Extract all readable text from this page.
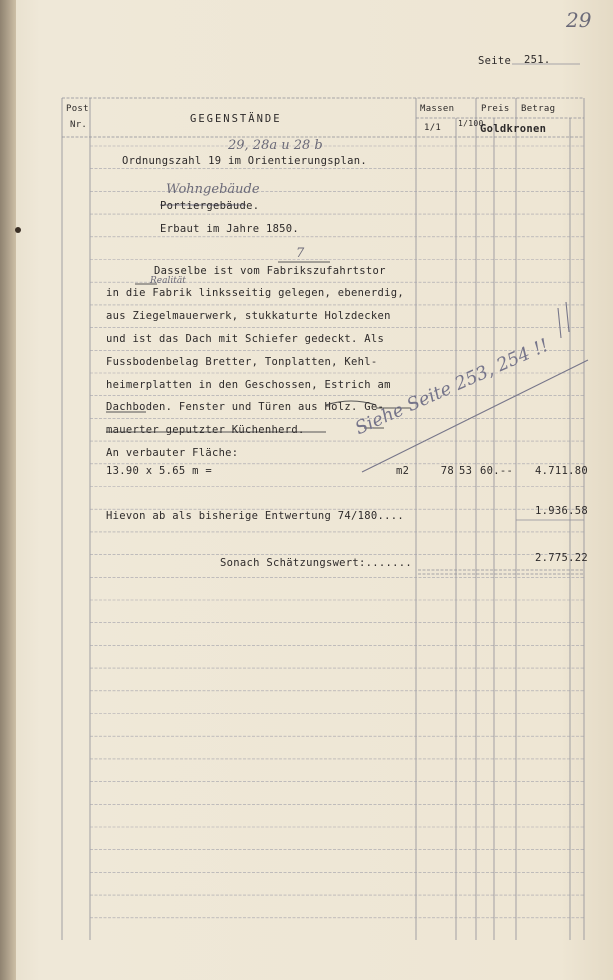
29
Seite 251.
Post
Nr.	GEGENSTÄNDE
Massen
1/1 1/100
Preis Betrag
Goldkronen
Ordnungszahl 19 im Orientierungsplan.
29, 28a u 28 b
Wohngebäude
Portiergebäude.
Erbaut im Jahre 1850.
7
Realität
Dasselbe ist vom Fabrikszufahrtstor
in die Fabrik linksseitig gelegen, ebenerdig,
aus Ziegelmauerwerk, stukkaturte Holzdecken
und ist das Dach mit Schiefer gedeckt. Als
Fussbodenbelag Bretter, Tonplatten, Kehl-
heimerplatten in den Geschossen, Estrich am
Dachboden. Fenster und Türen aus Holz. Ge-
mauerter geputzter Küchenherd.
An verbauter Fläche:
13.90 x 5.65 m =	m2	78 53 60.--	4.711.80
Hievon ab als bisherige Entwertung 74/180....	1.936.58
Sonach Schätzungswert:.......	2.775.22
Siehe Seite 253, 254 !!
